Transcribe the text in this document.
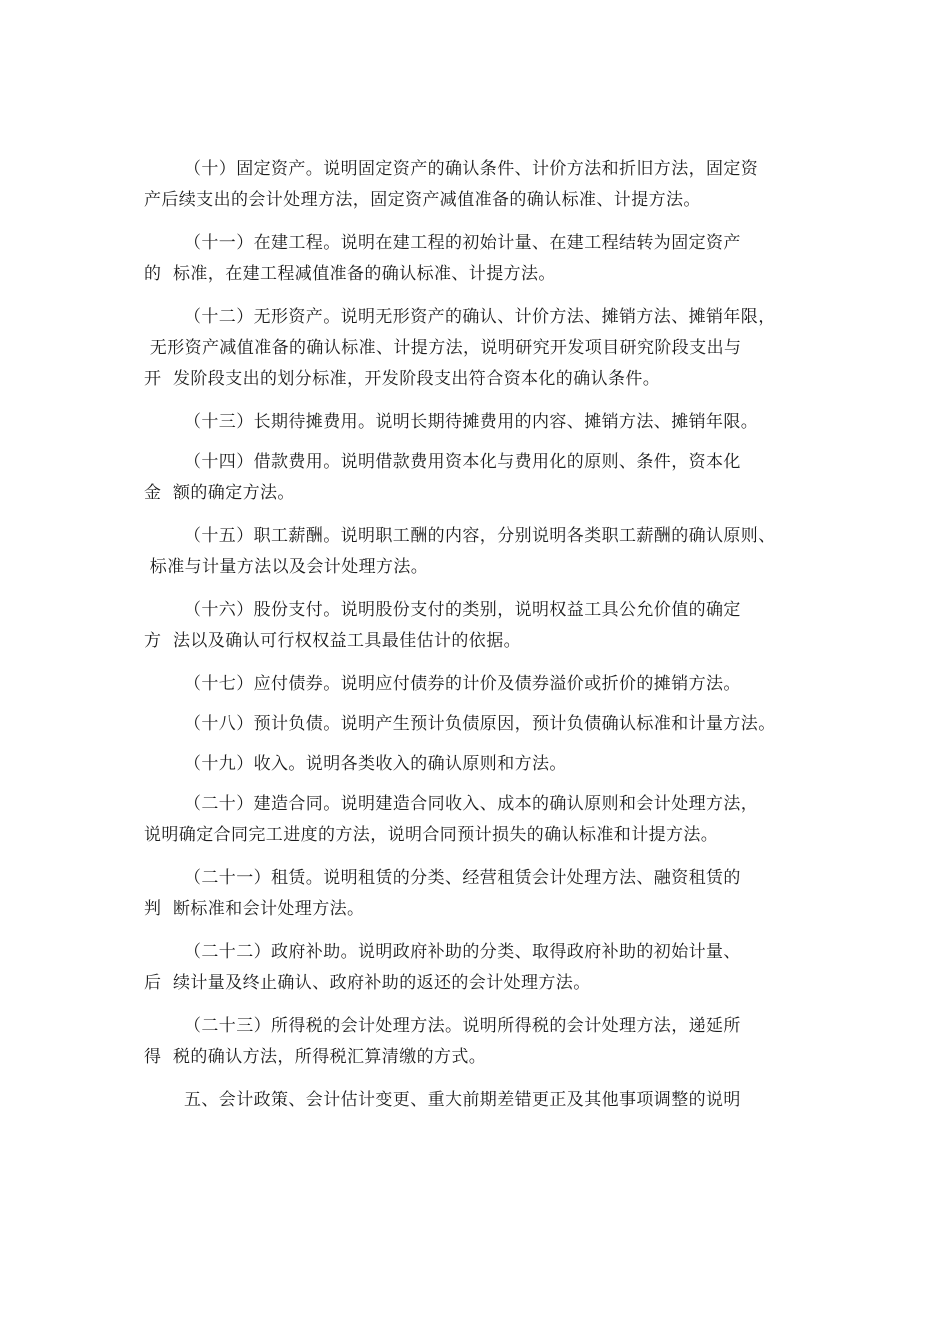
（十）固定资产。说明固定资产的确认条件、计价方法和折旧方法，固定资
产后续支出的会计处理方法，固定资产减值准备的确认标准、计提方法。
（十一）在建工程。说明在建工程的初始计量、在建工程结转为固定资产
的  标准，在建工程减值准备的确认标准、计提方法。
（十二）无形资产。说明无形资产的确认、计价方法、摊销方法、摊销年限，
无形资产减值准备的确认标准、计提方法，说明研究开发项目研究阶段支出与
开  发阶段支出的划分标准，开发阶段支出符合资本化的确认条件。
（十三）长期待摊费用。说明长期待摊费用的内容、摊销方法、摊销年限。
（十四）借款费用。说明借款费用资本化与费用化的原则、条件，资本化
金  额的确定方法。
（十五）职工薪酬。说明职工酬的内容，分别说明各类职工薪酬的确认原则、
标准与计量方法以及会计处理方法。
（十六）股份支付。说明股份支付的类别，说明权益工具公允价值的确定
方  法以及确认可行权权益工具最佳估计的依据。
（十七）应付债券。说明应付债券的计价及债券溢价或折价的摊销方法。
（十八）预计负债。说明产生预计负债原因，预计负债确认标准和计量方法。
（十九）收入。说明各类收入的确认原则和方法。
（二十）建造合同。说明建造合同收入、成本的确认原则和会计处理方法，
说明确定合同完工进度的方法，说明合同预计损失的确认标准和计提方法。
（二十一）租赁。说明租赁的分类、经营租赁会计处理方法、融资租赁的
判  断标准和会计处理方法。
（二十二）政府补助。说明政府补助的分类、取得政府补助的初始计量、
后  续计量及终止确认、政府补助的返还的会计处理方法。
（二十三）所得税的会计处理方法。说明所得税的会计处理方法，递延所
得  税的确认方法，所得税汇算清缴的方式。
五、会计政策、会计估计变更、重大前期差错更正及其他事项调整的说明
